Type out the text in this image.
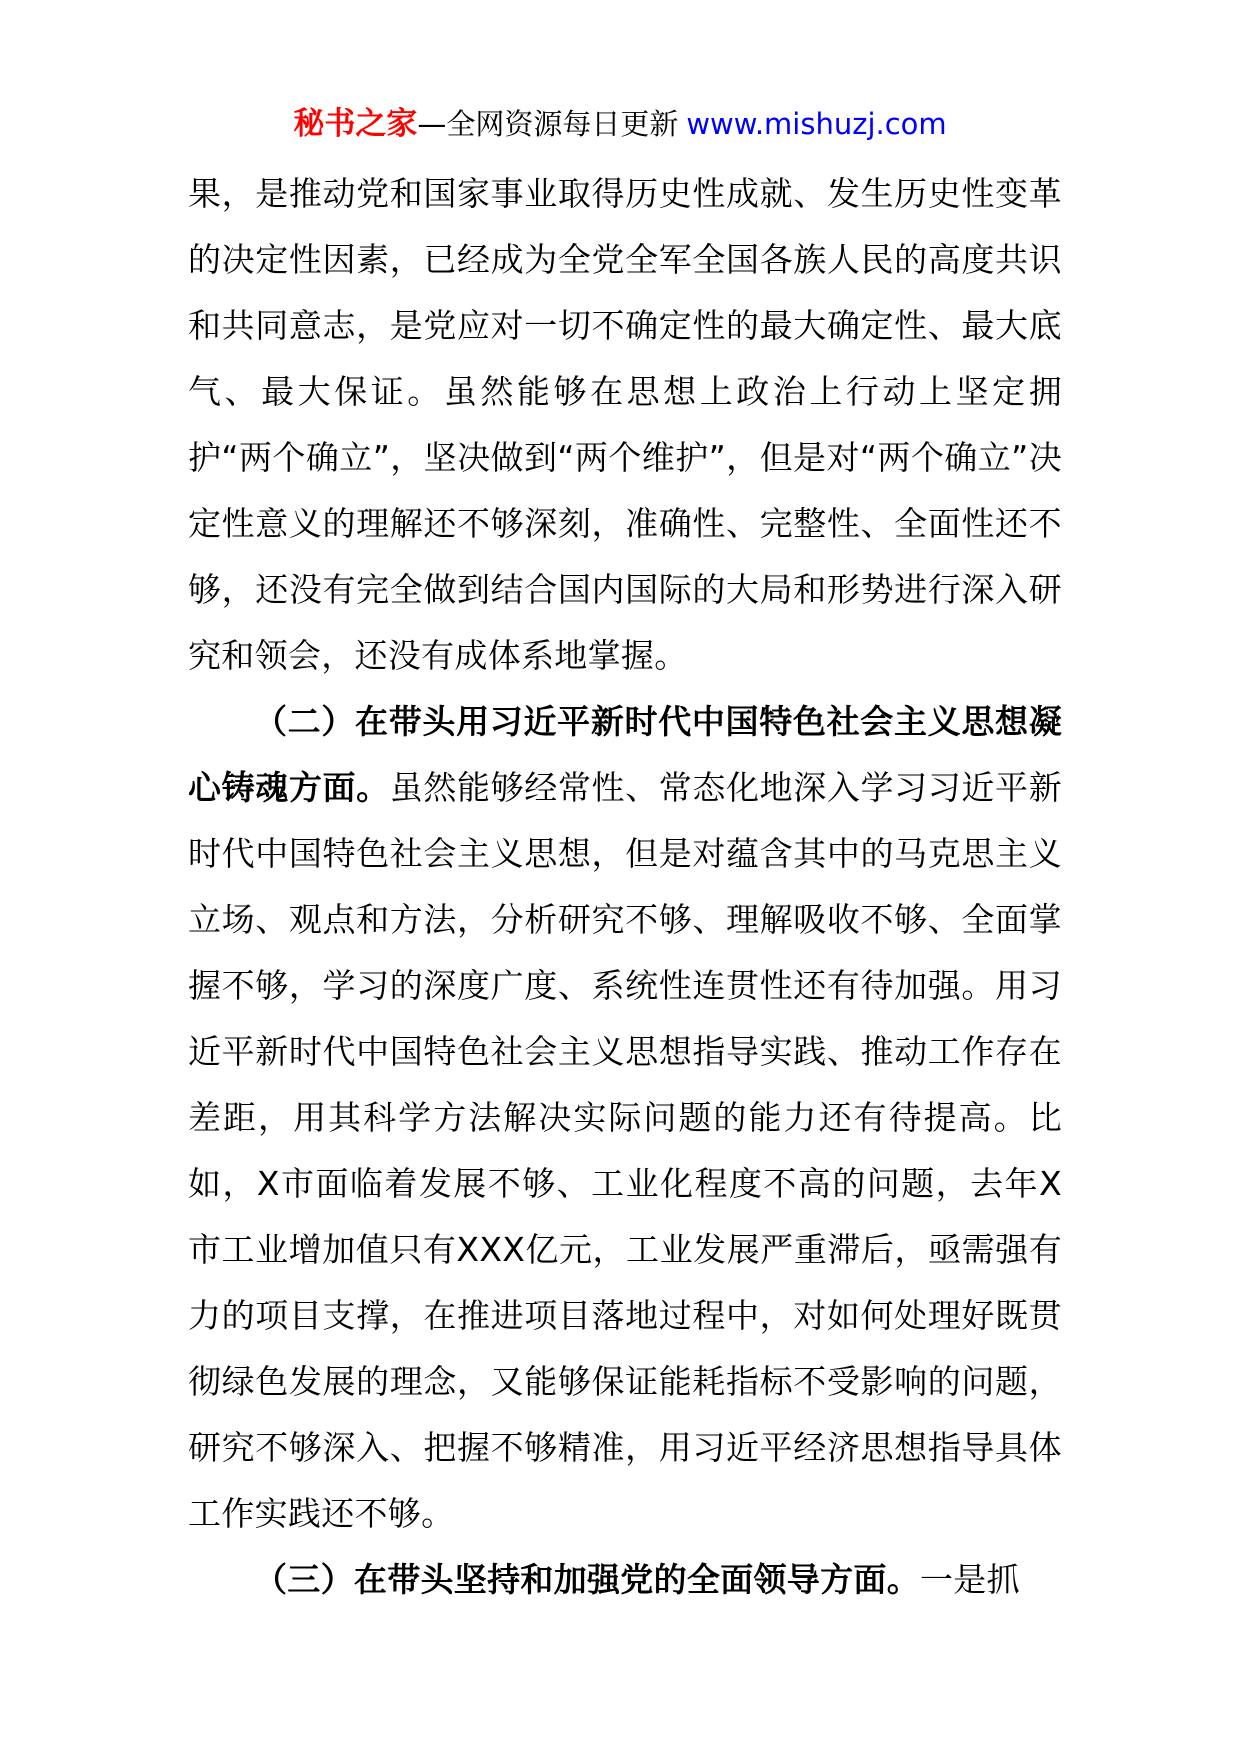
秘书之家—全网资源每日更新 www.mishuzj.com

果，是推动党和国家事业取得历史性成就、发生历史性变革的决定性因素，已经成为全党全军全国各族人民的高度共识和共同意志，是党应对一切不确定性的最大确定性、最大底气、最大保证。虽然能够在思想上政治上行动上坚定拥护“两个确立”，坚决做到“两个维护”，但是对“两个确立”决定性意义的理解还不够深刻，准确性、完整性、全面性还不够，还没有完全做到结合国内国际的大局和形势进行深入研究和领会，还没有成体系地掌握。

（二）在带头用习近平新时代中国特色社会主义思想凝心铸魂方面。虽然能够经常性、常态化地深入学习习近平新时代中国特色社会主义思想，但是对蕴含其中的马克思主义立场、观点和方法，分析研究不够、理解吸收不够、全面掌握不够，学习的深度广度、系统性连贯性还有待加强。用习近平新时代中国特色社会主义思想指导实践、推动工作存在差距，用其科学方法解决实际问题的能力还有待提高。比如，X市面临着发展不够、工业化程度不高的问题，去年X市工业增加值只有XXX亿元，工业发展严重滞后，亟需强有力的项目支撑，在推进项目落地过程中，对如何处理好既贯彻绿色发展的理念，又能够保证能耗指标不受影响的问题，研究不够深入、把握不够精准，用习近平经济思想指导具体工作实践还不够。

（三）在带头坚持和加强党的全面领导方面。一是抓
